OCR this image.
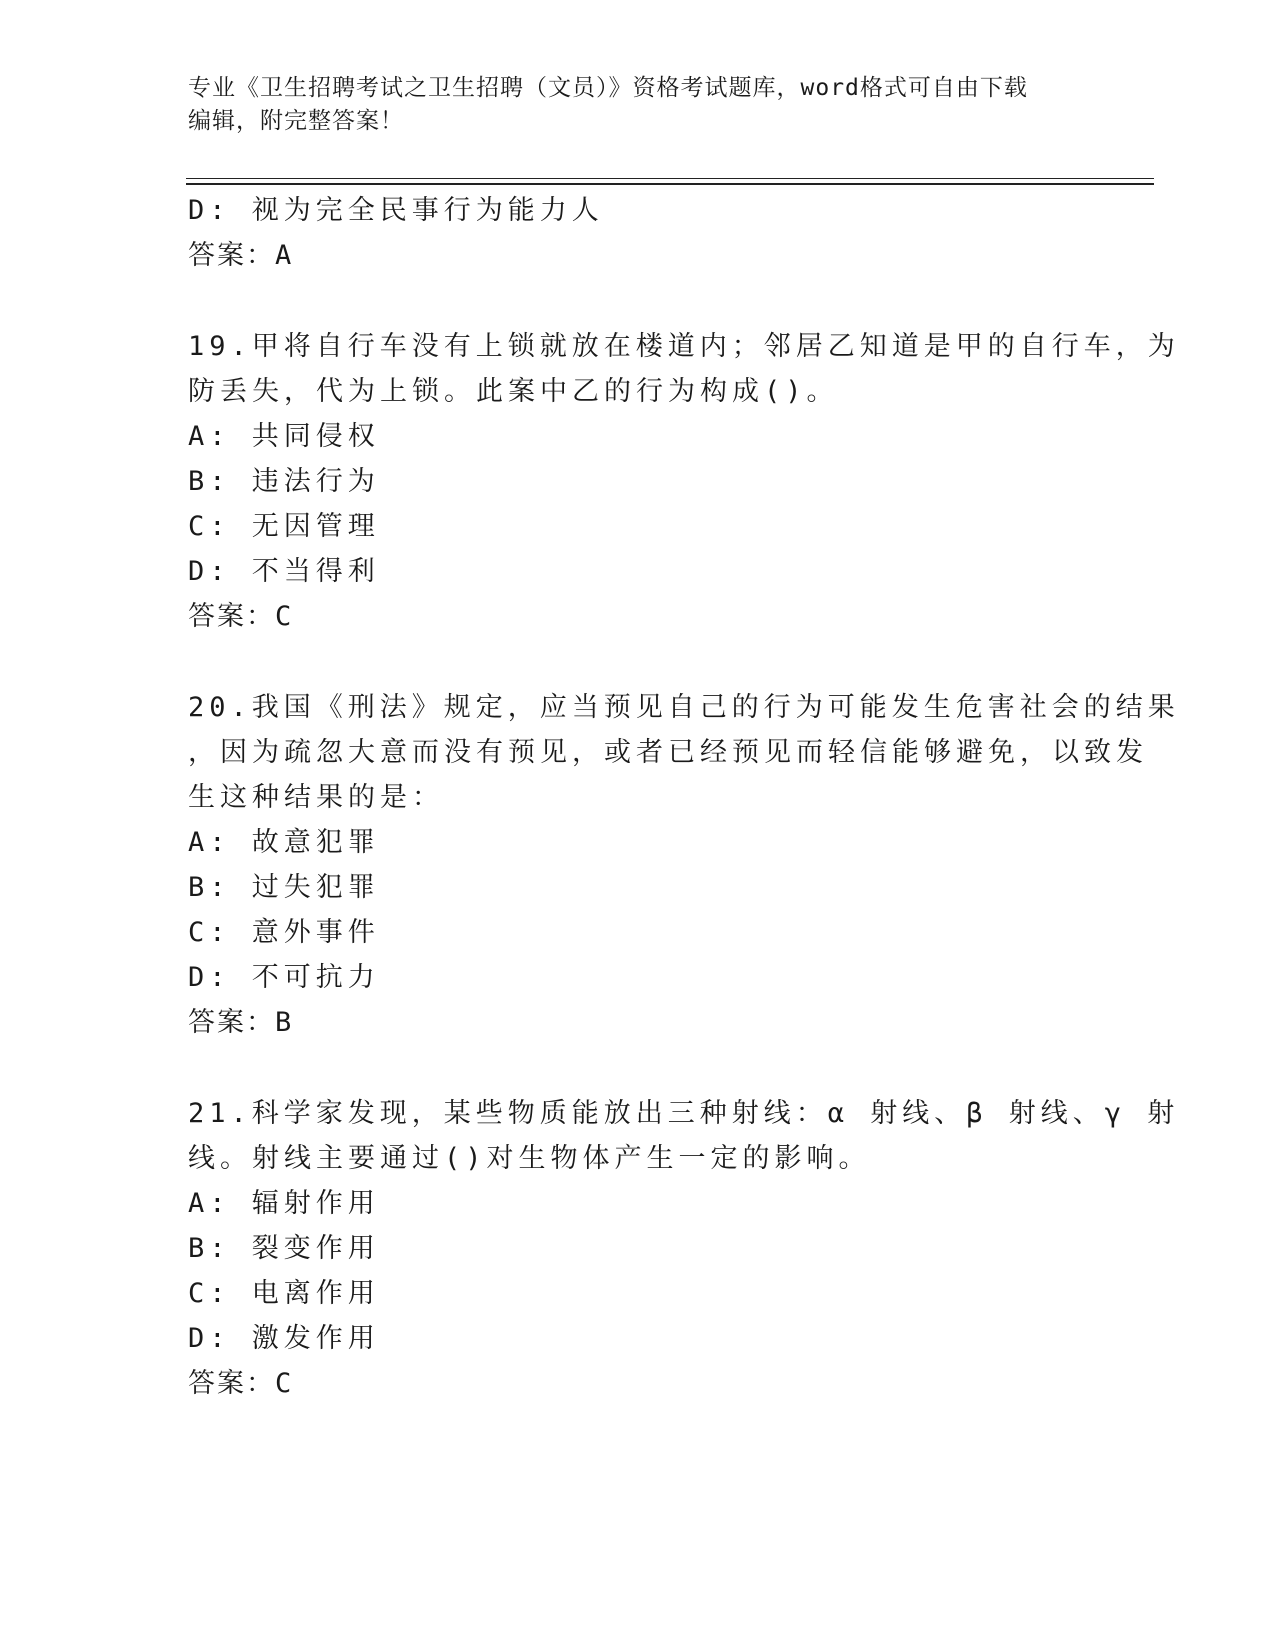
专业《卫生招聘考试之卫生招聘（文员）》资格考试题库，word格式可自由下载
编辑，附完整答案！
D: 视为完全民事行为能力人
答案：A
19.甲将自行车没有上锁就放在楼道内；邻居乙知道是甲的自行车，为
防丢失，代为上锁。此案中乙的行为构成()。
A: 共同侵权
B: 违法行为
C: 无因管理
D: 不当得利
答案：C
20.我国《刑法》规定，应当预见自己的行为可能发生危害社会的结果
，因为疏忽大意而没有预见，或者已经预见而轻信能够避免，以致发
生这种结果的是：
A: 故意犯罪
B: 过失犯罪
C: 意外事件
D: 不可抗力
答案：B
21.科学家发现，某些物质能放出三种射线：α 射线、β 射线、γ 射
线。射线主要通过()对生物体产生一定的影响。
A: 辐射作用
B: 裂变作用
C: 电离作用
D: 激发作用
答案：C
